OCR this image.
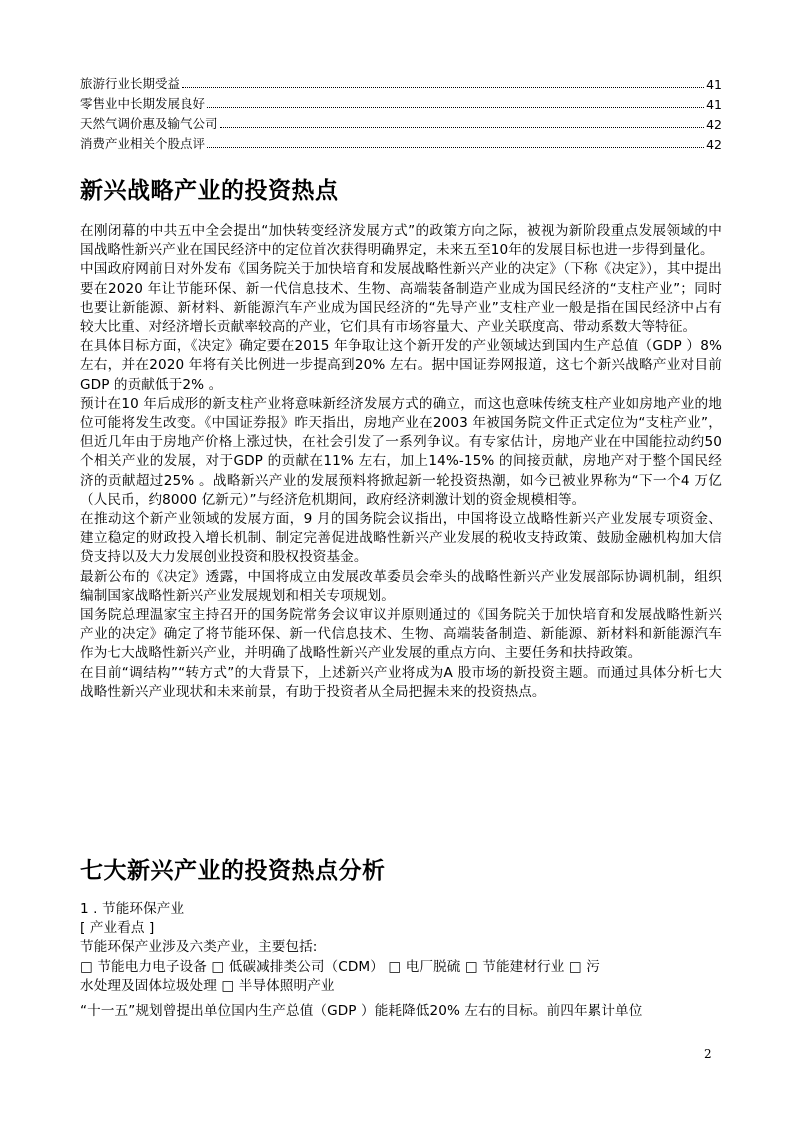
旅游行业长期受益	41
零售业中长期发展良好	41
天然气调价惠及输气公司	42
消费产业相关个股点评	42
新兴战略产业的投资热点

在刚闭幕的中共五中全会提出“加快转变经济发展方式”的政策方向之际，被视为新阶段重点发展领域的中国战略性新兴产业在国民经济中的定位首次获得明确界定，未来五至10年的发展目标也进一步得到量化。

中国政府网前日对外发布《国务院关于加快培育和发展战略性新兴产业的决定》（下称《决定》），其中提出要在2020 年让节能环保、新一代信息技术、生物、高端装备制造产业成为国民经济的“支柱产业”；同时也要让新能源、新材料、新能源汽车产业成为国民经济的“先导产业”支柱产业一般是指在国民经济中占有较大比重、对经济增长贡献率较高的产业，它们具有市场容量大、产业关联度高、带动系数大等特征。

在具体目标方面，《决定》确定要在2015 年争取让这个新开发的产业领域达到国内生产总值（GDP ）8% 左右，并在2020 年将有关比例进一步提高到20% 左右。据中国证券网报道，这七个新兴战略产业对目前GDP 的贡献低于2% 。

预计在10 年后成形的新支柱产业将意味新经济发展方式的确立，而这也意味传统支柱产业如房地产业的地位可能将发生改变。《中国证券报》昨天指出，房地产业在2003 年被国务院文件正式定位为“支柱产业”，但近几年由于房地产价格上涨过快，在社会引发了一系列争议。有专家估计，房地产业在中国能拉动约50 个相关产业的发展，对于GDP 的贡献在11% 左右，加上14%-15% 的间接贡献，房地产对于整个国民经济的贡献超过25% 。战略新兴产业的发展预料将掀起新一轮投资热潮，如今已被业界称为“下一个4 万亿（人民币，约8000 亿新元）”与经济危机期间，政府经济刺激计划的资金规模相等。

在推动这个新产业领域的发展方面，9 月的国务院会议指出，中国将设立战略性新兴产业发展专项资金、建立稳定的财政投入增长机制、制定完善促进战略性新兴产业发展的税收支持政策、鼓励金融机构加大信贷支持以及大力发展创业投资和股权投资基金。

最新公布的《决定》透露，中国将成立由发展改革委员会牵头的战略性新兴产业发展部际协调机制，组织编制国家战略性新兴产业发展规划和相关专项规划。

国务院总理温家宝主持召开的国务院常务会议审议并原则通过的《国务院关于加快培育和发展战略性新兴产业的决定》确定了将节能环保、新一代信息技术、生物、高端装备制造、新能源、新材料和新能源汽车作为七大战略性新兴产业，并明确了战略性新兴产业发展的重点方向、主要任务和扶持政策。

在目前“调结构”“转方式”的大背景下，上述新兴产业将成为A 股市场的新投资主题。而通过具体分析七大战略性新兴产业现状和未来前景，有助于投资者从全局把握未来的投资热点。

七大新兴产业的投资热点分析

1 . 节能环保产业

[ 产业看点 ]

节能环保产业涉及六类产业，主要包括:

□ 节能电力电子设备 □ 低碳减排类公司（CDM） □ 电厂脱硫 □ 节能建材行业 □ 污

水处理及固体垃圾处理 □ 半导体照明产业

“十一五”规划曾提出单位国内生产总值（GDP ）能耗降低20% 左右的目标。前四年累计单位

2
